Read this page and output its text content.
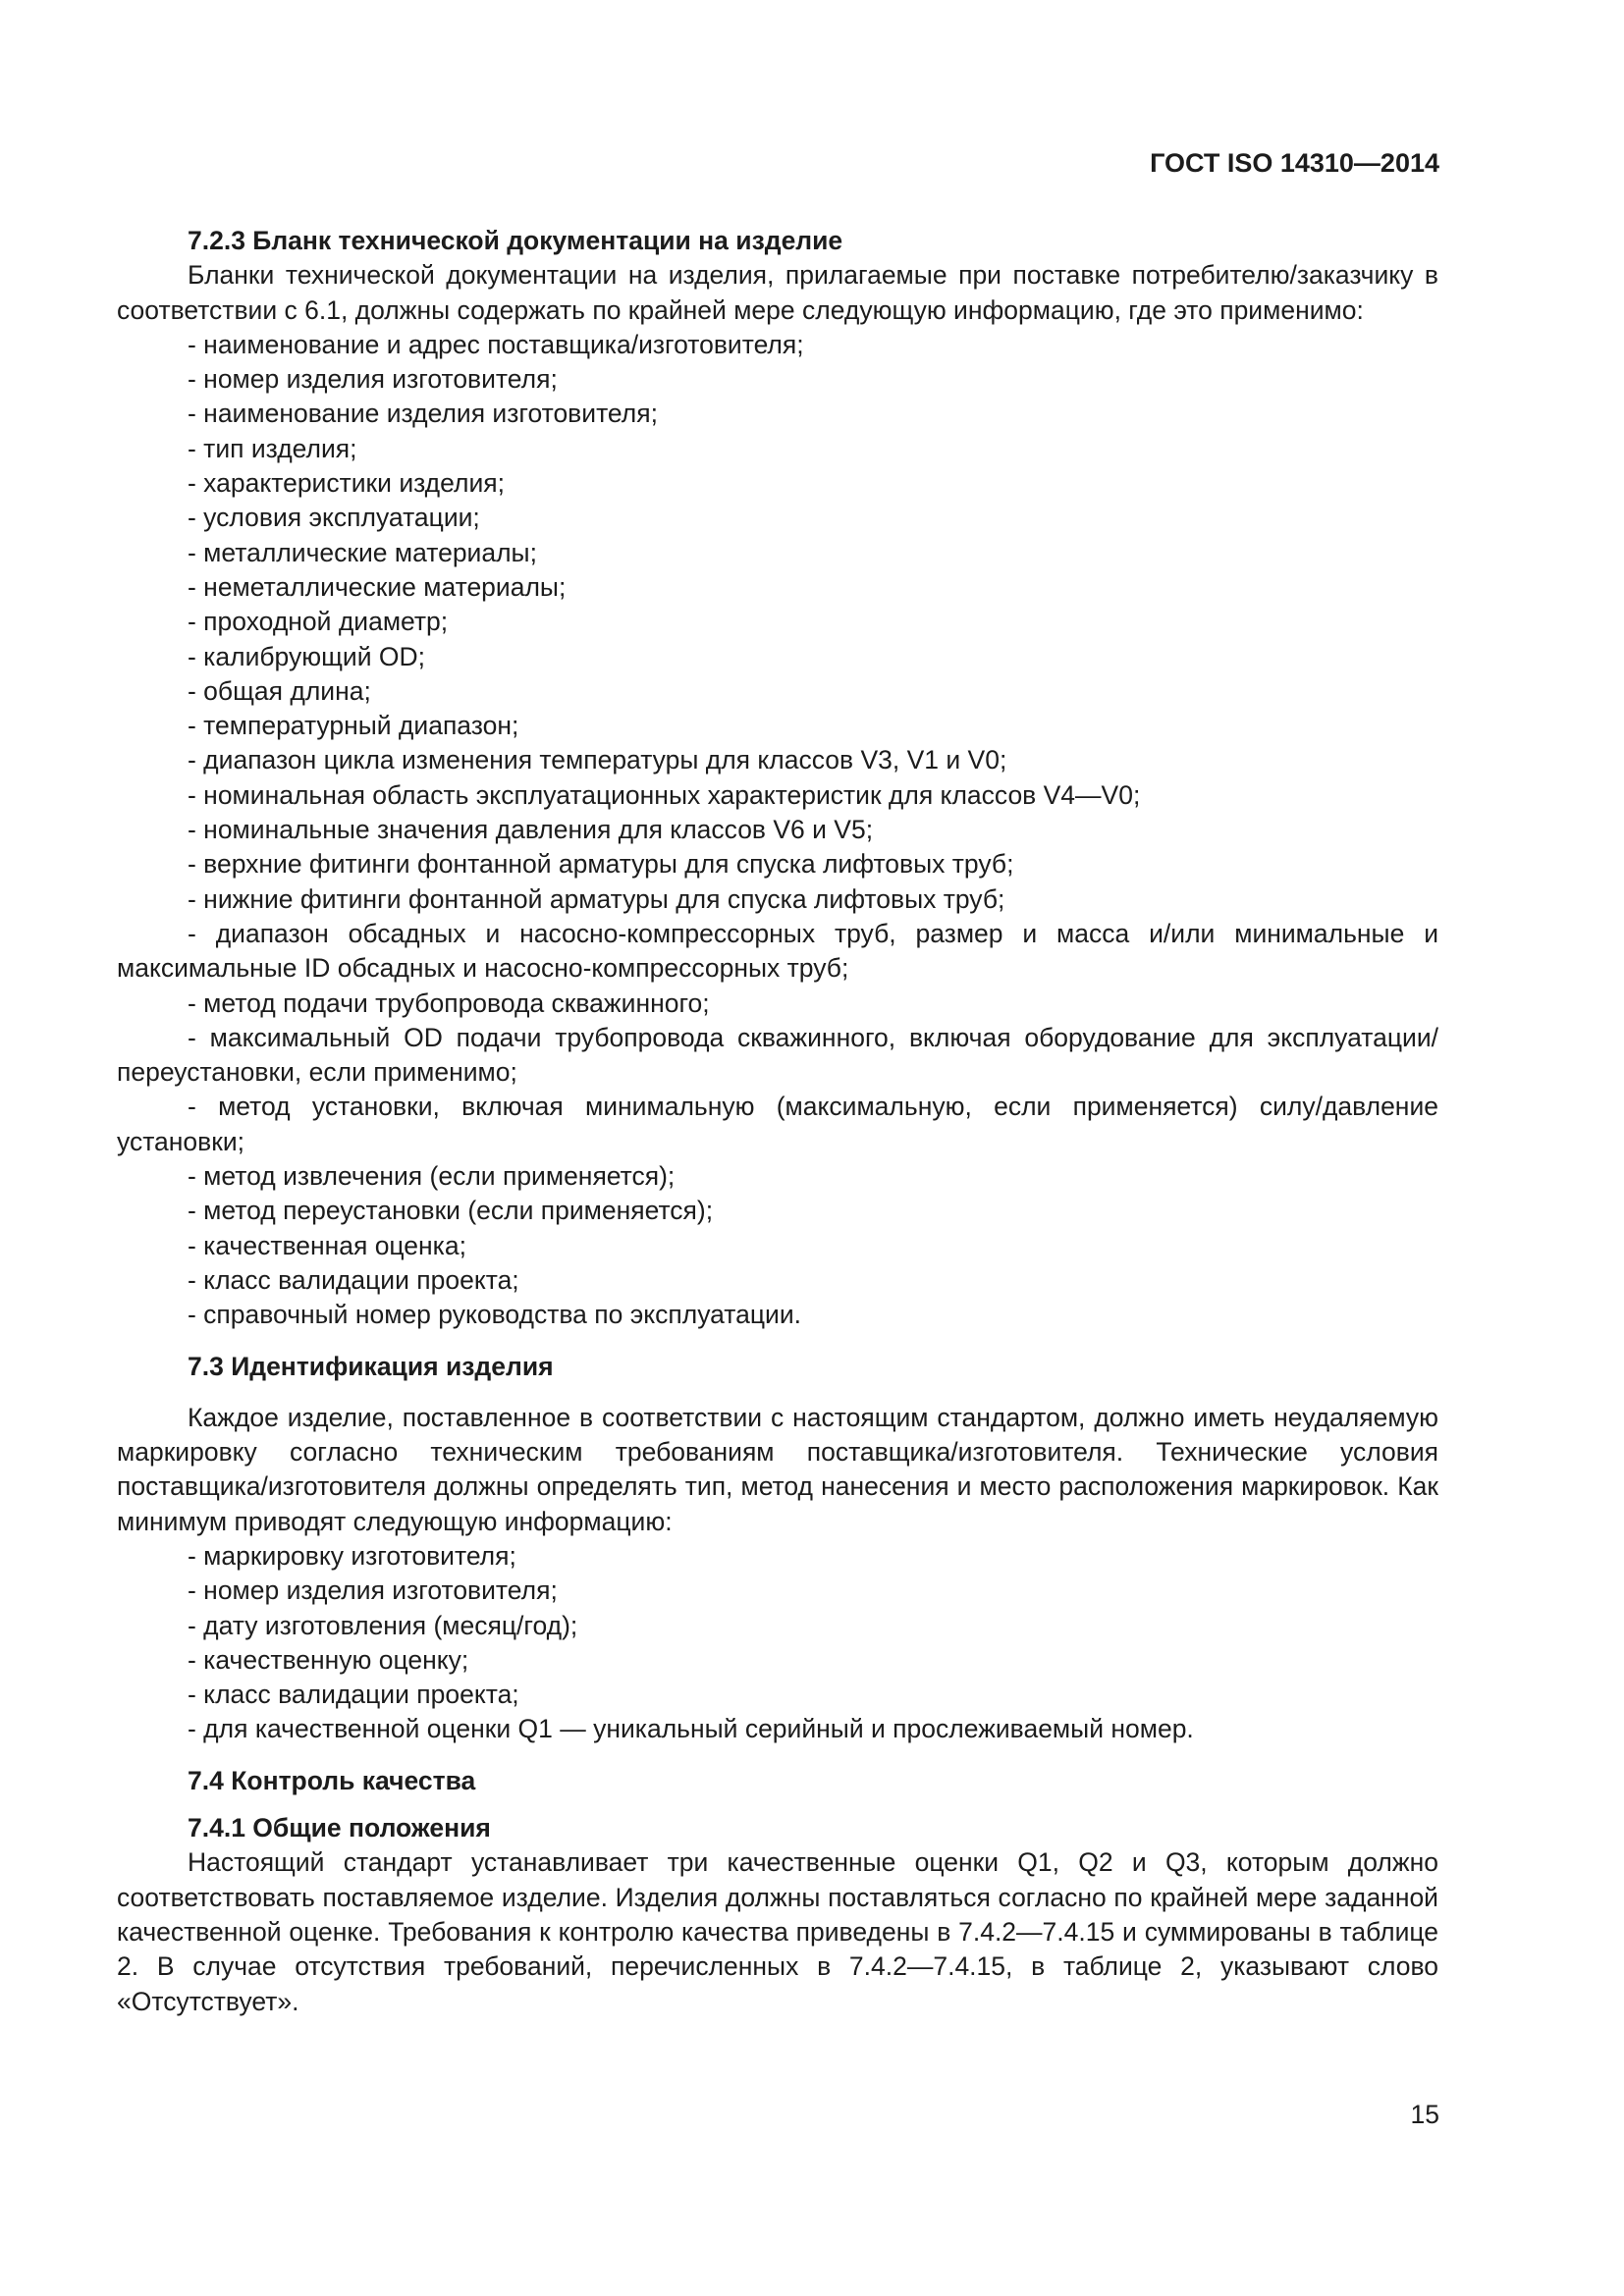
ГОСТ ISO 14310—2014

7.2.3 Бланк технической документации на изделие

Бланки технической документации на изделия, прилагаемые при поставке потребителю/заказчику в соответствии с 6.1, должны содержать по крайней мере следующую информацию, где это применимо:

- наименование и адрес поставщика/изготовителя;

- номер изделия изготовителя;

- наименование изделия изготовителя;

- тип изделия;

- характеристики изделия;

- условия эксплуатации;

- металлические материалы;

- неметаллические материалы;

- проходной диаметр;

- калибрующий OD;

- общая длина;

- температурный диапазон;

- диапазон цикла изменения температуры для классов V3, V1 и V0;

- номинальная область эксплуатационных характеристик для классов V4—V0;

- номинальные значения давления для классов V6 и V5;

- верхние фитинги фонтанной арматуры для спуска лифтовых труб;

- нижние фитинги фонтанной арматуры для спуска лифтовых труб;

- диапазон обсадных и насосно-компрессорных труб, размер и масса и/или минимальные и максимальные ID обсадных и насосно-компрессорных труб;

- метод подачи трубопровода скважинного;

- максимальный OD подачи трубопровода скважинного, включая оборудование для эксплуатации/переустановки, если применимо;

- метод установки, включая минимальную (максимальную, если применяется) силу/давление установки;

- метод извлечения (если применяется);

- метод переустановки (если применяется);

- качественная оценка;

- класс валидации проекта;

- справочный номер руководства по эксплуатации.

7.3 Идентификация изделия

Каждое изделие, поставленное в соответствии с настоящим стандартом, должно иметь неудаляемую маркировку согласно техническим требованиям поставщика/изготовителя. Технические условия поставщика/изготовителя должны определять тип, метод нанесения и место расположения маркировок. Как минимум приводят следующую информацию:

- маркировку изготовителя;

- номер изделия изготовителя;

- дату изготовления (месяц/год);

- качественную оценку;

- класс валидации проекта;

- для качественной оценки Q1 — уникальный серийный и прослеживаемый номер.

7.4 Контроль качества

7.4.1 Общие положения

Настоящий стандарт устанавливает три качественные оценки Q1, Q2 и Q3, которым должно соответствовать поставляемое изделие. Изделия должны поставляться согласно по крайней мере заданной качественной оценке. Требования к контролю качества приведены в 7.4.2—7.4.15 и суммированы в таблице 2. В случае отсутствия требований, перечисленных в 7.4.2—7.4.15, в таблице 2, указывают слово «Отсутствует».

15
